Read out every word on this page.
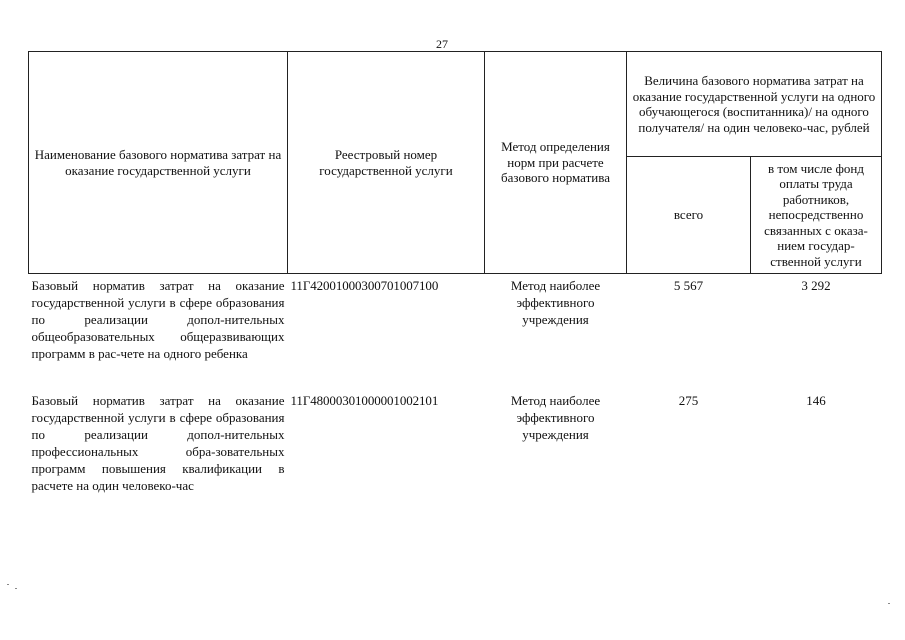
27
Наименование базового норматива затрат на оказание государственной услуги	Реестровый номер государственной услуги	Метод определения норм при расчете базового норматива	Величина базового норматива затрат на оказание государственной услуги на одного обучающегося (воспитанника)/ на одного получателя/ на один человеко-час, рублей	
			всего	в том числе фонд оплаты труда работников, непосредственно связанных с оказа-нием государ-ственной услуги
Базовый норматив затрат на оказание государственной услуги в сфере образования по реализации допол-нительных общеобразовательных общеразвивающих программ в рас-чете на одного ребенка	11Г42001000300701007100	Метод наиболее эффективного учреждения	5 567	3 292
Базовый норматив затрат на оказание государственной услуги в сфере образования по реализации допол-нительных профессиональных обра-зовательных программ повышения квалификации в расчете на один человеко-час	11Г48000301000001002101	Метод наиболее эффективного учреждения	275	146
